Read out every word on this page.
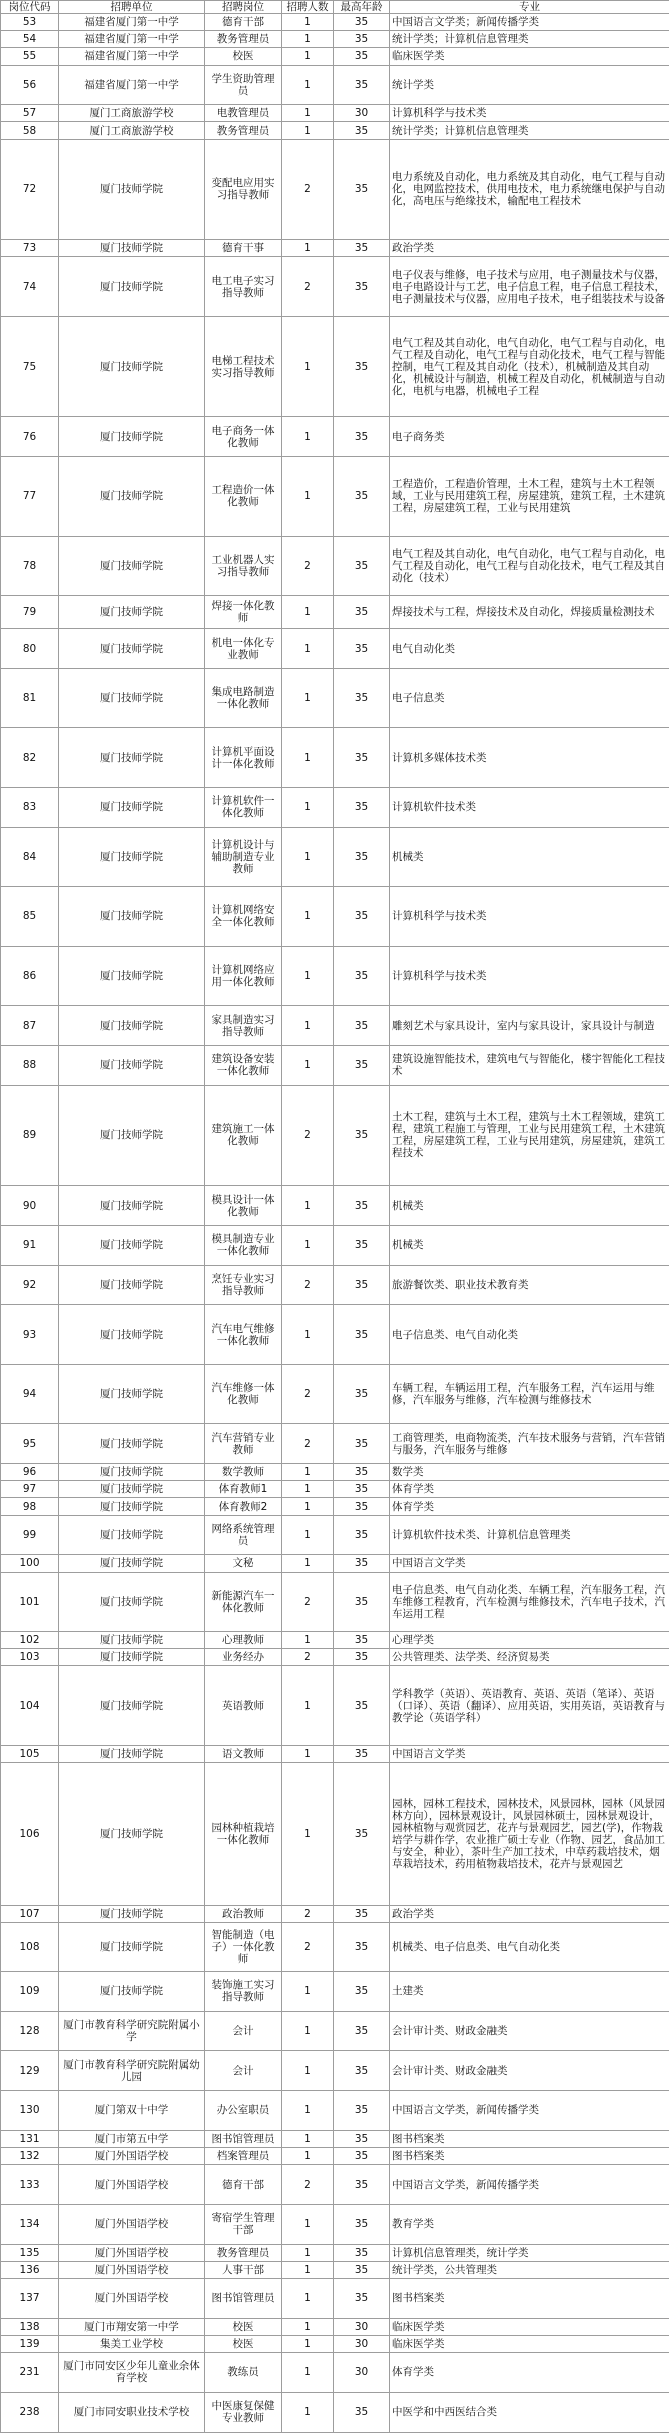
岗位代码	招聘单位	招聘岗位	招聘人数	最高年龄	专业
53	福建省厦门第一中学	德育干部	1	35	中国语言文学类；新闻传播学类
54	福建省厦门第一中学	教务管理员	1	35	统计学类；计算机信息管理类
55	福建省厦门第一中学	校医	1	35	临床医学类
56	福建省厦门第一中学	学生资助管理员	1	35	统计学类
57	厦门工商旅游学校	电教管理员	1	30	计算机科学与技术类
58	厦门工商旅游学校	教务管理员	1	35	统计学类；计算机信息管理类
72	厦门技师学院	变配电应用实习指导教师	2	35	电力系统及自动化，电力系统及其自动化，电气工程与自动化，电网监控技术，供用电技术，电力系统继电保护与自动化，高电压与绝缘技术，输配电工程技术
73	厦门技师学院	德育干事	1	35	政治学类
74	厦门技师学院	电工电子实习指导教师	2	35	电子仪表与维修，电子技术与应用，电子测量技术与仪器，电子电路设计与工艺，电子信息工程，电子信息工程技术，电子测量技术与仪器，应用电子技术，电子组装技术与设备
75	厦门技师学院	电梯工程技术实习指导教师	1	35	电气工程及其自动化，电气自动化，电气工程与自动化，电气工程及自动化，电气工程与自动化技术，电气工程与智能控制，电气工程及其自动化（技术），机械制造及其自动化，机械设计与制造，机械工程及自动化，机械制造与自动化，电机与电器，机械电子工程
76	厦门技师学院	电子商务一体化教师	1	35	电子商务类
77	厦门技师学院	工程造价一体化教师	1	35	工程造价，工程造价管理，土木工程，建筑与土木工程领域，工业与民用建筑工程，房屋建筑，建筑工程，土木建筑工程，房屋建筑工程，工业与民用建筑
78	厦门技师学院	工业机器人实习指导教师	2	35	电气工程及其自动化，电气自动化，电气工程与自动化，电气工程及自动化，电气工程与自动化技术，电气工程及其自动化（技术）
79	厦门技师学院	焊接一体化教师	1	35	焊接技术与工程，焊接技术及自动化，焊接质量检测技术
80	厦门技师学院	机电一体化专业教师	1	35	电气自动化类
81	厦门技师学院	集成电路制造一体化教师	1	35	电子信息类
82	厦门技师学院	计算机平面设计一体化教师	1	35	计算机多媒体技术类
83	厦门技师学院	计算机软件一体化教师	1	35	计算机软件技术类
84	厦门技师学院	计算机设计与辅助制造专业教师	1	35	机械类
85	厦门技师学院	计算机网络安全一体化教师	1	35	计算机科学与技术类
86	厦门技师学院	计算机网络应用一体化教师	1	35	计算机科学与技术类
87	厦门技师学院	家具制造实习指导教师	1	35	雕刻艺术与家具设计，室内与家具设计，家具设计与制造
88	厦门技师学院	建筑设备安装一体化教师	1	35	建筑设施智能技术，建筑电气与智能化，楼宇智能化工程技术
89	厦门技师学院	建筑施工一体化教师	2	35	土木工程，建筑与土木工程，建筑与土木工程领域，建筑工程，建筑工程施工与管理，工业与民用建筑工程，土木建筑工程，房屋建筑工程，工业与民用建筑，房屋建筑，建筑工程技术
90	厦门技师学院	模具设计一体化教师	1	35	机械类
91	厦门技师学院	模具制造专业一体化教师	1	35	机械类
92	厦门技师学院	烹饪专业实习指导教师	2	35	旅游餐饮类、职业技术教育类
93	厦门技师学院	汽车电气维修一体化教师	1	35	电子信息类、电气自动化类
94	厦门技师学院	汽车维修一体化教师	2	35	车辆工程，车辆运用工程，汽车服务工程，汽车运用与维修，汽车服务与维修，汽车检测与维修技术
95	厦门技师学院	汽车营销专业教师	2	35	工商管理类，电商物流类，汽车技术服务与营销，汽车营销与服务，汽车服务与维修
96	厦门技师学院	数学教师	1	35	数学类
97	厦门技师学院	体育教师1	1	35	体育学类
98	厦门技师学院	体育教师2	1	35	体育学类
99	厦门技师学院	网络系统管理员	1	35	计算机软件技术类、计算机信息管理类
100	厦门技师学院	文秘	1	35	中国语言文学类
101	厦门技师学院	新能源汽车一体化教师	2	35	电子信息类、电气自动化类、车辆工程，汽车服务工程，汽车维修工程教育，汽车检测与维修技术，汽车电子技术，汽车运用工程
102	厦门技师学院	心理教师	1	35	心理学类
103	厦门技师学院	业务经办	2	35	公共管理类、法学类、经济贸易类
104	厦门技师学院	英语教师	1	35	学科教学（英语）、英语教育、英语、英语（笔译）、英语（口译）、英语（翻译）、应用英语，实用英语，英语教育与教学论（英语学科）
105	厦门技师学院	语文教师	1	35	中国语言文学类
106	厦门技师学院	园林种植栽培一体化教师	1	35	园林，园林工程技术，园林技术，风景园林，园林（风景园林方向），园林景观设计，风景园林硕士，园林景观设计，园林植物与观赏园艺，花卉与景观园艺，园艺(学)，作物栽培学与耕作学，农业推广硕士专业（作物、园艺，食品加工与安全，种业），茶叶生产加工技术，中草药栽培技术，烟草栽培技术，药用植物栽培技术，花卉与景观园艺
107	厦门技师学院	政治教师	2	35	政治学类
108	厦门技师学院	智能制造（电子）一体化教师	2	35	机械类、电子信息类、电气自动化类
109	厦门技师学院	装饰施工实习指导教师	1	35	土建类
128	厦门市教育科学研究院附属小学	会计	1	35	会计审计类、财政金融类
129	厦门市教育科学研究院附属幼儿园	会计	1	35	会计审计类、财政金融类
130	厦门第双十中学	办公室职员	1	35	中国语言文学类，新闻传播学类
131	厦门市第五中学	图书馆管理员	1	35	图书档案类
132	厦门外国语学校	档案管理员	1	35	图书档案类
133	厦门外国语学校	德育干部	2	35	中国语言文学类，新闻传播学类
134	厦门外国语学校	寄宿学生管理干部	1	35	教育学类
135	厦门外国语学校	教务管理员	1	35	计算机信息管理类，统计学类
136	厦门外国语学校	人事干部	1	35	统计学类，公共管理类
137	厦门外国语学校	图书馆管理员	1	35	图书档案类
138	厦门市翔安第一中学	校医	1	30	临床医学类
139	集美工业学校	校医	1	30	临床医学类
231	厦门市同安区少年儿童业余体育学校	教练员	1	30	体育学类
238	厦门市同安职业技术学校	中医康复保健专业教师	1	35	中医学和中西医结合类
